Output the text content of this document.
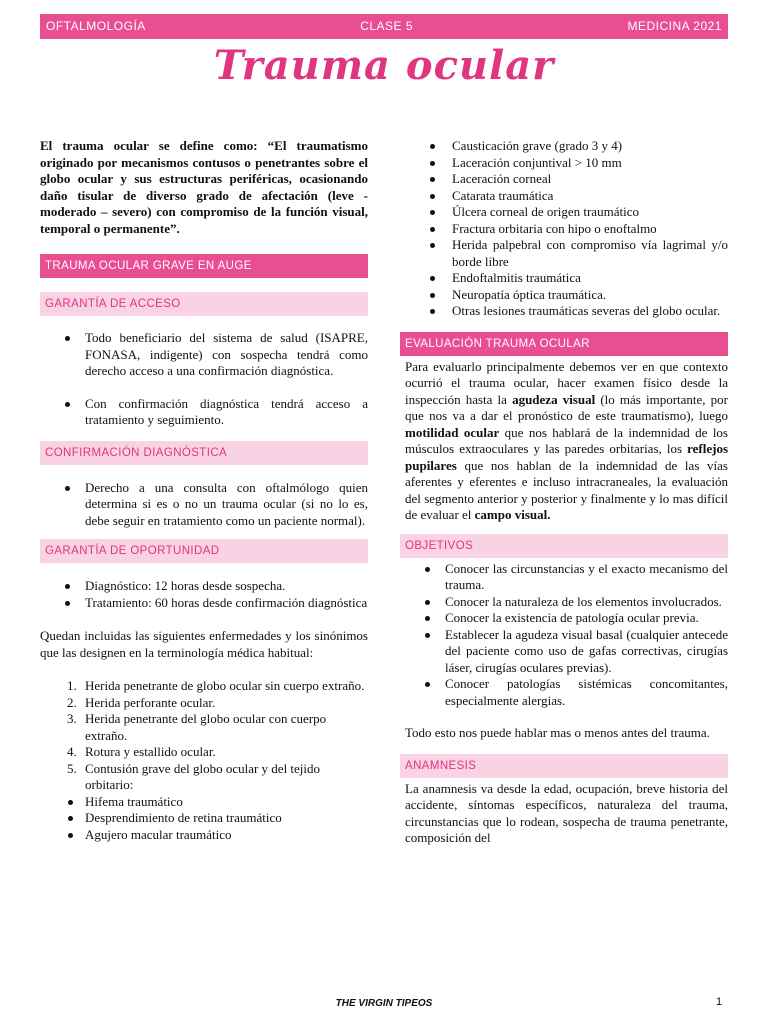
OFTALMOLOGÍA	CLASE 5	MEDICINA 2021
Trauma ocular

El trauma ocular se define como: “El traumatismo originado por mecanismos contusos o penetrantes sobre el globo ocular y sus estructuras periféricas, ocasionando daño tisular de diverso grado de afectación (leve - moderado – severo) con compromiso de la función visual, temporal o permanente”.

TRAUMA OCULAR GRAVE EN AUGE
GARANTÍA DE ACCESO
Todo beneficiario del sistema de salud (ISAPRE, FONASA, indigente) con sospecha tendrá como derecho acceso a una confirmación diagnóstica.
Con confirmación diagnóstica tendrá acceso a tratamiento y seguimiento.
CONFIRMACIÓN DIAGNÓSTICA
Derecho a una consulta con oftalmólogo quien determina si es o no un trauma ocular (si no lo es, debe seguir en tratamiento como un paciente normal).
GARANTÍA DE OPORTUNIDAD
Diagnóstico: 12 horas desde sospecha.
Tratamiento: 60 horas desde confirmación diagnóstica

Quedan incluidas las siguientes enfermedades y los sinónimos que las designen en la terminología médica habitual:

1. Herida penetrante de globo ocular sin cuerpo extraño.
2. Herida perforante ocular.
3. Herida penetrante del globo ocular con cuerpo extraño.
4. Rotura y estallido ocular.
5. Contusión grave del globo ocular y del tejido orbitario:
Hifema traumático
Desprendimiento de retina traumático
Agujero macular traumático
Causticación grave (grado 3 y 4)
Laceración conjuntival > 10 mm
Laceración corneal
Catarata traumática
Úlcera corneal de origen traumático
Fractura orbitaria con hipo o enoftalmo
Herida palpebral con compromiso vía lagrimal y/o borde libre
Endoftalmitis traumática
Neuropatía óptica traumática.
Otras lesiones traumáticas severas del globo ocular.
EVALUACIÓN TRAUMA OCULAR

Para evaluarlo principalmente debemos ver en que contexto ocurrió el trauma ocular, hacer examen físico desde la inspección hasta la agudeza visual (lo más importante, por que nos va a dar el pronóstico de este traumatismo), luego motilidad ocular que nos hablará de la indemnidad de los músculos extraoculares y las paredes orbitarias, los reflejos pupilares que nos hablan de la indemnidad de las vías aferentes y eferentes e incluso intracraneales, la evaluación del segmento anterior y posterior y finalmente y lo mas difícil de evaluar el campo visual.

OBJETIVOS
Conocer las circunstancias y el exacto mecanismo del trauma.
Conocer la naturaleza de los elementos involucrados.
Conocer la existencia de patología ocular previa.
Establecer la agudeza visual basal (cualquier antecede del paciente como uso de gafas correctivas, cirugías láser, cirugías oculares previas).
Conocer patologías sistémicas concomitantes, especialmente alergias.

Todo esto nos puede hablar mas o menos antes del trauma.

ANAMNESIS

La anamnesis va desde la edad, ocupación, breve historia del accidente, síntomas específicos, naturaleza del trauma, circunstancias que lo rodean, sospecha de trauma penetrante, composición del

THE VIRGIN TIPEOS	1
